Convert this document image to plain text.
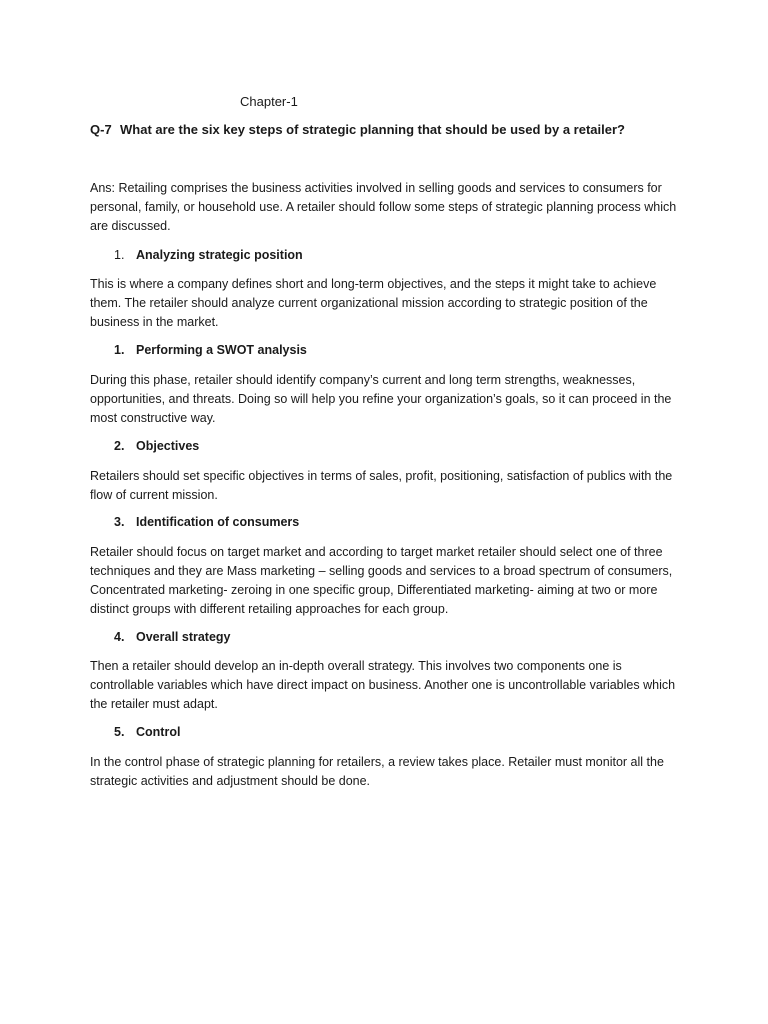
Chapter-1

Q-7 What are the six key steps of strategic planning that should be used by a retailer?

Ans: Retailing comprises the business activities involved in selling goods and services to consumers for personal, family, or household use. A retailer should follow some steps of strategic planning process which are discussed.

1. Analyzing strategic position

This is where a company defines short and long-term objectives, and the steps it might take to achieve them. The retailer should analyze current organizational mission according to strategic position of the business in the market.

1. Performing a SWOT analysis

During this phase, retailer should identify company’s current and long term strengths, weaknesses, opportunities, and threats. Doing so will help you refine your organization’s goals, so it can proceed in the most constructive way.

2. Objectives

Retailers should set specific objectives in terms of sales, profit, positioning, satisfaction of publics with the flow of current mission.

3. Identification of consumers

Retailer should focus on target market and according to target market retailer should select one of three techniques and they are Mass marketing – selling goods and services to a broad spectrum of consumers, Concentrated marketing- zeroing in one specific group, Differentiated marketing- aiming at two or more distinct groups with different retailing approaches for each group.

4. Overall strategy

Then a retailer should develop an in-depth overall strategy. This involves two components one is controllable variables which have direct impact on business. Another one is uncontrollable variables which the retailer must adapt.

5. Control

In the control phase of strategic planning for retailers, a review takes place. Retailer must monitor all the strategic activities and adjustment should be done.
